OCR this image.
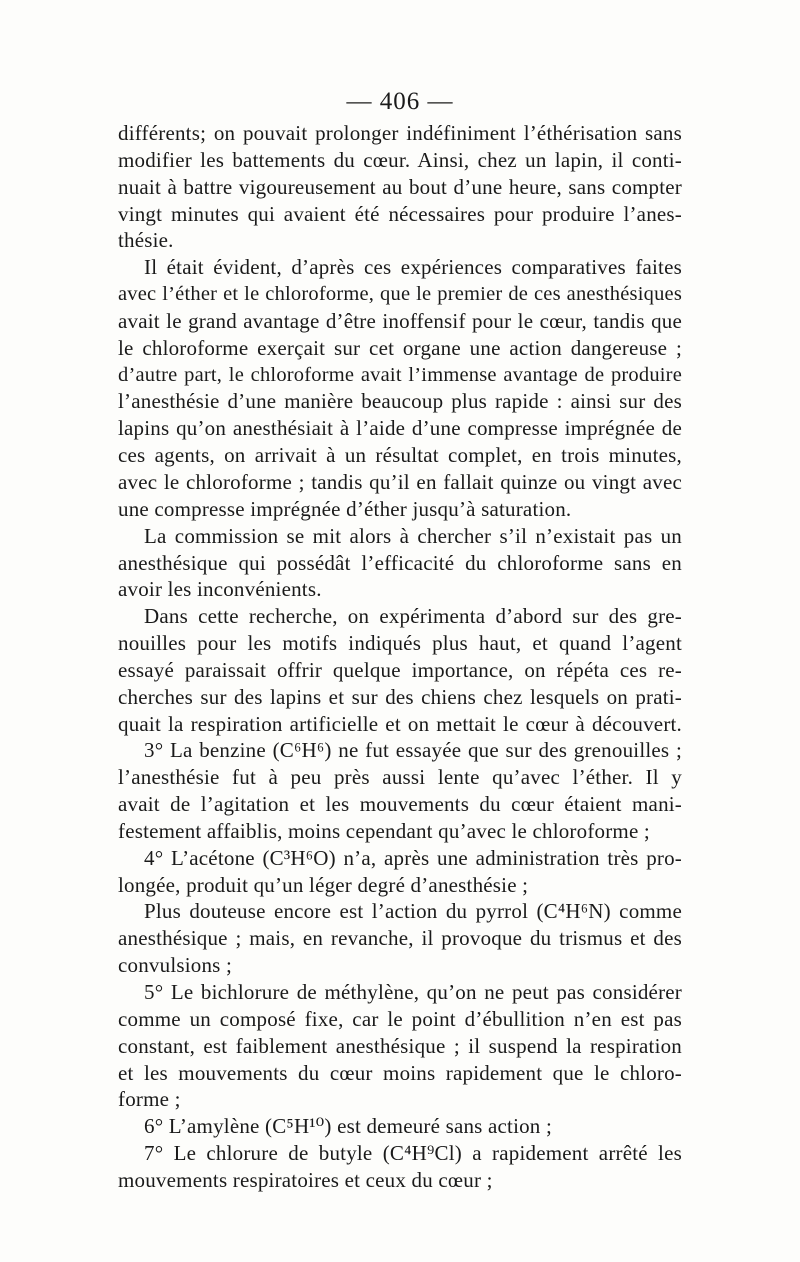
— 406 —
différents; on pouvait prolonger indéfiniment l’éthérisation sans
modifier les battements du cœur. Ainsi, chez un lapin, il conti-
nuait à battre vigoureusement au bout d’une heure, sans compter
vingt minutes qui avaient été nécessaires pour produire l’anes-
thésie.
Il était évident, d’après ces expériences comparatives faites
avec l’éther et le chloroforme, que le premier de ces anesthésiques
avait le grand avantage d’être inoffensif pour le cœur, tandis que
le chloroforme exerçait sur cet organe une action dangereuse ;
d’autre part, le chloroforme avait l’immense avantage de produire
l’anesthésie d’une manière beaucoup plus rapide : ainsi sur des
lapins qu’on anesthésiait à l’aide d’une compresse imprégnée de
ces agents, on arrivait à un résultat complet, en trois minutes,
avec le chloroforme ; tandis qu’il en fallait quinze ou vingt avec
une compresse imprégnée d’éther jusqu’à saturation.
La commission se mit alors à chercher s’il n’existait pas un
anesthésique qui possédât l’efficacité du chloroforme sans en
avoir les inconvénients.
Dans cette recherche, on expérimenta d’abord sur des gre-
nouilles pour les motifs indiqués plus haut, et quand l’agent
essayé paraissait offrir quelque importance, on répéta ces re-
cherches sur des lapins et sur des chiens chez lesquels on prati-
quait la respiration artificielle et on mettait le cœur à découvert.
3° La benzine (C⁶H⁶) ne fut essayée que sur des grenouilles ;
l’anesthésie fut à peu près aussi lente qu’avec l’éther. Il y
avait de l’agitation et les mouvements du cœur étaient mani-
festement affaiblis, moins cependant qu’avec le chloroforme ;
4° L’acétone (C³H⁶O) n’a, après une administration très pro-
longée, produit qu’un léger degré d’anesthésie ;
Plus douteuse encore est l’action du pyrrol (C⁴H⁶N) comme
anesthésique ; mais, en revanche, il provoque du trismus et des
convulsions ;
5° Le bichlorure de méthylène, qu’on ne peut pas considérer
comme un composé fixe, car le point d’ébullition n’en est pas
constant, est faiblement anesthésique ; il suspend la respiration
et les mouvements du cœur moins rapidement que le chloro-
forme ;
6° L’amylène (C⁵H¹⁰) est demeuré sans action ;
7° Le chlorure de butyle (C⁴H⁹Cl) a rapidement arrêté les
mouvements respiratoires et ceux du cœur ;
